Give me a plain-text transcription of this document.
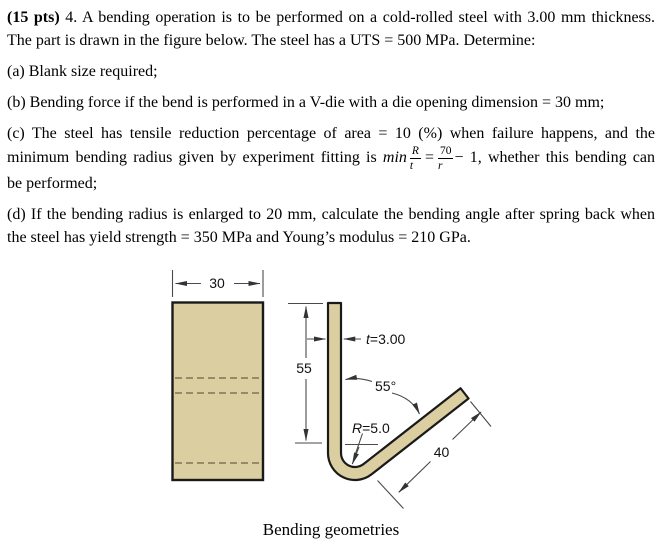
(15 pts) 4. A bending operation is to be performed on a cold-rolled steel with 3.00 mm thickness.
The part is drawn in the figure below. The steel has a UTS = 500 MPa. Determine:
(a) Blank size required;
(b) Bending force if the bend is performed in a V-die with a die opening dimension = 30 mm;
(c) The steel has tensile reduction percentage of area = 10 (%) when failure happens, and the
minimum bending radius given by experiment fitting is $\min \frac{R}{t} = \frac{70}{r} - 1$, whether this bending can
be performed;
(d) If the bending radius is enlarged to 20 mm, calculate the bending angle after spring back when
the steel has yield strength = 350 MPa and Young’s modulus = 210 GPa.
30
55
t=3.00
55°
R=5.0
40
Bending geometries
